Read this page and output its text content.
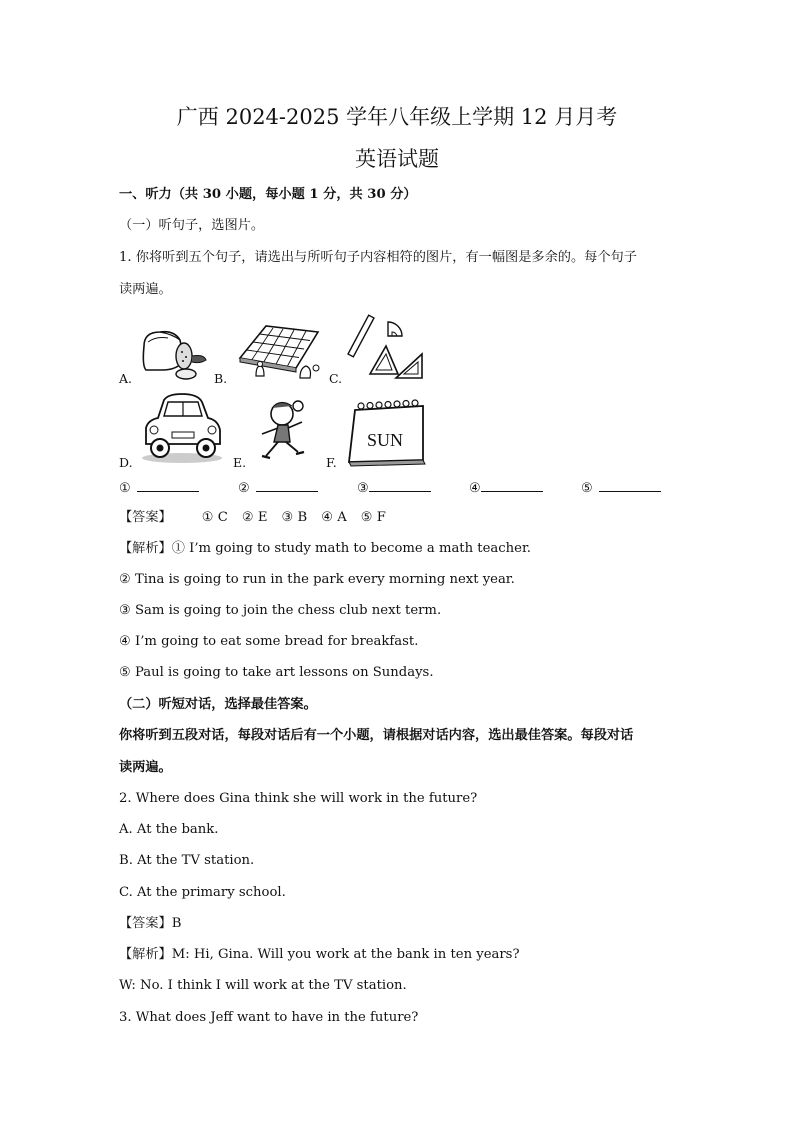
广西 2024-2025 学年八年级上学期 12 月月考
英语试题
一、听力（共 30 小题，每小题 1 分，共 30 分）
（一）听句子，选图片。
1. 你将听到五个句子，请选出与所听句子内容相符的图片，有一幅图是多余的。每个句子
读两遍。
A.	B.	C.
D.	E.	F.
SUN
①	②	③	④	⑤
【答案】 ① C ② E ③ B ④ A ⑤ F
【解析】① I’m going to study math to become a math teacher.
② Tina is going to run in the park every morning next year.
③ Sam is going to join the chess club next term.
④ I’m going to eat some bread for breakfast.
⑤ Paul is going to take art lessons on Sundays.
（二）听短对话，选择最佳答案。
你将听到五段对话，每段对话后有一个小题，请根据对话内容，选出最佳答案。每段对话
读两遍。
2. Where does Gina think she will work in the future?
A. At the bank.
B. At the TV station.
C. At the primary school.
【答案】B
【解析】M: Hi, Gina. Will you work at the bank in ten years?
W: No. I think I will work at the TV station.
3. What does Jeff want to have in the future?
